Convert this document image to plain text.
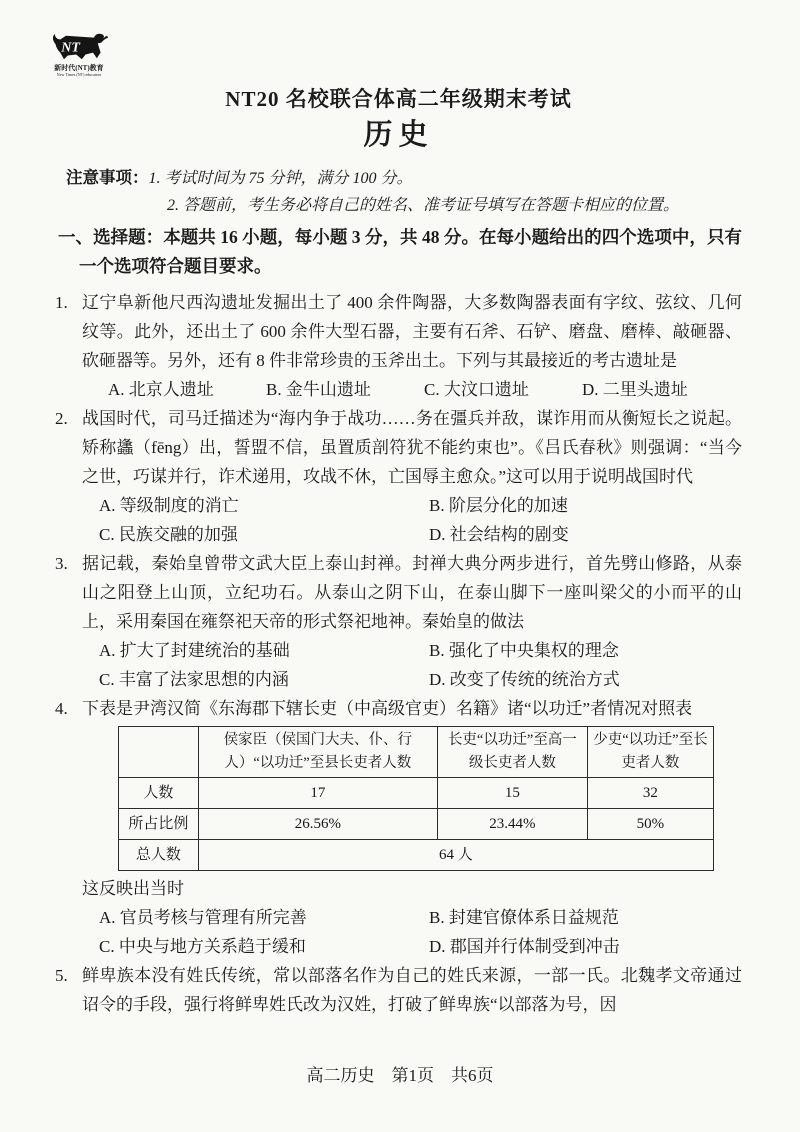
NT
新时代(NT)教育
New Times (NT) education
NT20 名校联合体高二年级期末考试
历史
注意事项：1. 考试时间为 75 分钟，满分 100 分。
2. 答题前，考生务必将自己的姓名、准考证号填写在答题卡相应的位置。

一、选择题：本题共 16 小题，每小题 3 分，共 48 分。在每小题给出的四个选项中，只有一个选项符合题目要求。

1. 辽宁阜新他尺西沟遗址发掘出土了 400 余件陶器，大多数陶器表面有字纹、弦纹、几何纹等。此外，还出土了 600 余件大型石器，主要有石斧、石铲、磨盘、磨棒、敲砸器、砍砸器等。另外，还有 8 件非常珍贵的玉斧出土。下列与其最接近的考古遗址是

A. 北京人遗址	B. 金牛山遗址	C. 大汶口遗址	D. 二里头遗址
2. 战国时代，司马迁描述为“海内争于战功……务在彊兵并敌，谋诈用而从衡短长之说起。矫称蠭（fēng）出，誓盟不信，虽置质剖符犹不能约束也”。《吕氏春秋》则强调：“当今之世，巧谋并行，诈术递用，攻战不休，亡国辱主愈众。”这可以用于说明战国时代

A. 等级制度的消亡	B. 阶层分化的加速
C. 民族交融的加强	D. 社会结构的剧变
3. 据记载，秦始皇曾带文武大臣上泰山封禅。封禅大典分两步进行，首先劈山修路，从泰山之阳登上山顶，立纪功石。从泰山之阴下山，在泰山脚下一座叫梁父的小而平的山上，采用秦国在雍祭祀天帝的形式祭祀地神。秦始皇的做法

A. 扩大了封建统治的基础	B. 强化了中央集权的理念
C. 丰富了法家思想的内涵	D. 改变了传统的统治方式
4. 下表是尹湾汉简《东海郡下辖长吏（中高级官吏）名籍》诸“以功迁”者情况对照表

	侯家臣（侯国门大夫、仆、行人）“以功迁”至县长吏者人数	长吏“以功迁”至高一级长吏者人数	少吏“以功迁”至长吏者人数
人数	17	15	32
所占比例	26.56%	23.44%	50%
总人数	64 人		

这反映出当时

A. 官员考核与管理有所完善	B. 封建官僚体系日益规范
C. 中央与地方关系趋于缓和	D. 郡国并行体制受到冲击
5. 鲜卑族本没有姓氏传统，常以部落名作为自己的姓氏来源，一部一氏。北魏孝文帝通过诏令的手段，强行将鲜卑姓氏改为汉姓，打破了鲜卑族“以部落为号，因

高二历史　第1页　共6页
